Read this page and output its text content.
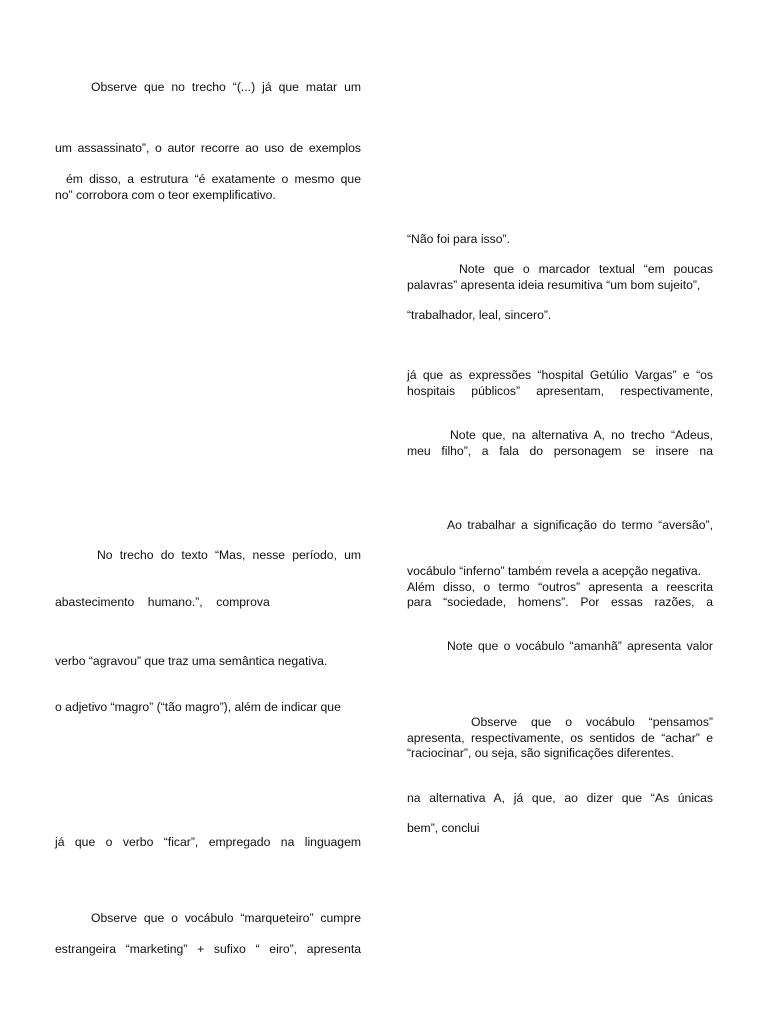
Observe que no trecho “(...) já que matar um
um assassinato”, o autor recorre ao uso de exemplos
ém disso, a estrutura “é exatamente o mesmo que
no” corrobora com o teor exemplificativo.
No trecho do texto “Mas, nesse período, um
abastecimento    humano.”,    comprova
verbo “agravou” que traz uma semântica negativa.
o adjetivo “magro” (“tão magro”), além de indicar que
já que o verbo “ficar”, empregado na linguagem
Observe que o vocábulo “marqueteiro” cumpre
estrangeira “marketing” + sufixo “ eiro”, apresenta
“Não foi para isso”.
Note que o marcador textual “em poucas
palavras” apresenta ideia resumitiva “um bom sujeito”,
“trabalhador, leal, sincero”.
já que as expressões “hospital Getúlio Vargas” e “os
hospitais públicos” apresentam, respectivamente,
Note que, na alternativa A, no trecho “Adeus,
meu filho”, a fala do personagem se insere na
Ao trabalhar a significação do termo “aversão”,
vocábulo “inferno” também revela a acepção negativa.
Além disso, o termo “outros” apresenta a reescrita
para “sociedade, homens”. Por essas razões, a
Note que o vocábulo “amanhã” apresenta valor
Observe que o vocábulo “pensamos”
apresenta, respectivamente, os sentidos de “achar” e
“raciocinar”, ou seja, são significações diferentes.
na alternativa A, já que, ao dizer que “As únicas
bem”, conclui
